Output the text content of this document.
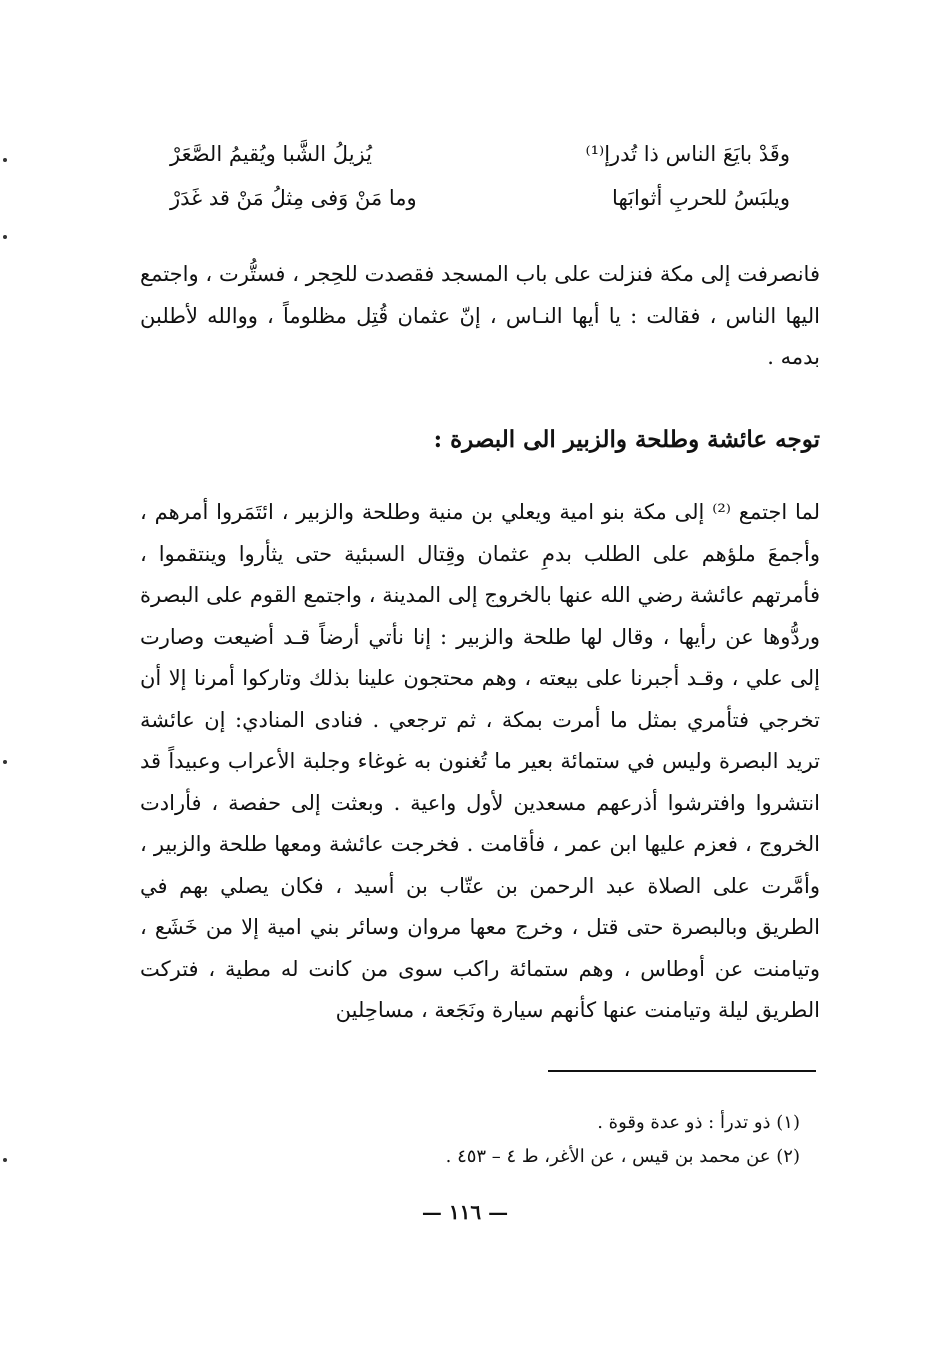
وقَدْ بايَعَ الناس ذا تُدرإ⁽¹⁾
يُزيلُ الشَّبا ويُقيمُ الصَّعَرْ
ويلبَسُ للحربِ أثوابَها
وما مَنْ وَفى مِثلُ مَنْ قد غَدَرْ

فانصرفت إلى مكة فنزلت على باب المسجد فقصدت للحِجر ، فستُّرت ، واجتمع اليها الناس ، فقالت : يا أيها النـاس ، إنّ عثمان قُتِل مظلوماً ، ووالله لأطلبن بدمه .

توجه عائشة وطلحة والزبير الى البصرة :

لما اجتمع ⁽²⁾ إلى مكة بنو امية ويعلي بن منية وطلحة والزبير ، ائتَمَروا أمرهم ، وأجمعَ ملؤهم على الطلب بدمِ عثمان وقِتال السبئية حتى يثأروا وينتقموا ، فأمرتهم عائشة رضي الله عنها بالخروج إلى المدينة ، واجتمع القوم على البصرة وردُّوها عن رأيها ، وقال لها طلحة والزبير : إنا نأتي أرضاً قـد أضيعت وصارت إلى علي ، وقـد أجبرنا على بيعته ، وهم محتجون علينا بذلك وتاركوا أمرنا إلا أن تخرجي فتأمري بمثل ما أمرت بمكة ، ثم ترجعي . فنادى المنادي: إن عائشة تريد البصرة وليس في ستمائة بعير ما تُغنون به غوغاء وجلبة الأعراب وعبيداً قد انتشروا وافترشوا أذرعهم مسعدين لأول واعية . وبعثت إلى حفصة ، فأرادت الخروج ، فعزم عليها ابن عمر ، فأقامت . فخرجت عائشة ومعها طلحة والزبير ، وأمَّرت على الصلاة عبد الرحمن بن عتّاب بن أسيد ، فكان يصلي بهم في الطريق وبالبصرة حتى قتل ، وخرج معها مروان وسائر بني امية إلا من خَشَع ، وتيامنت عن أوطاس ، وهم ستمائة راكب سوى من كانت له مطية ، فتركت الطريق ليلة وتيامنت عنها كأنهم سيارة ونَجَعة ، مساحِلين

(١) ذو تدرأ : ذو عدة وقوة .
(٢) عن محمد بن قيس ، عن الأغر، ط ٤ – ٤٥٣ .
— ١١٦ —
